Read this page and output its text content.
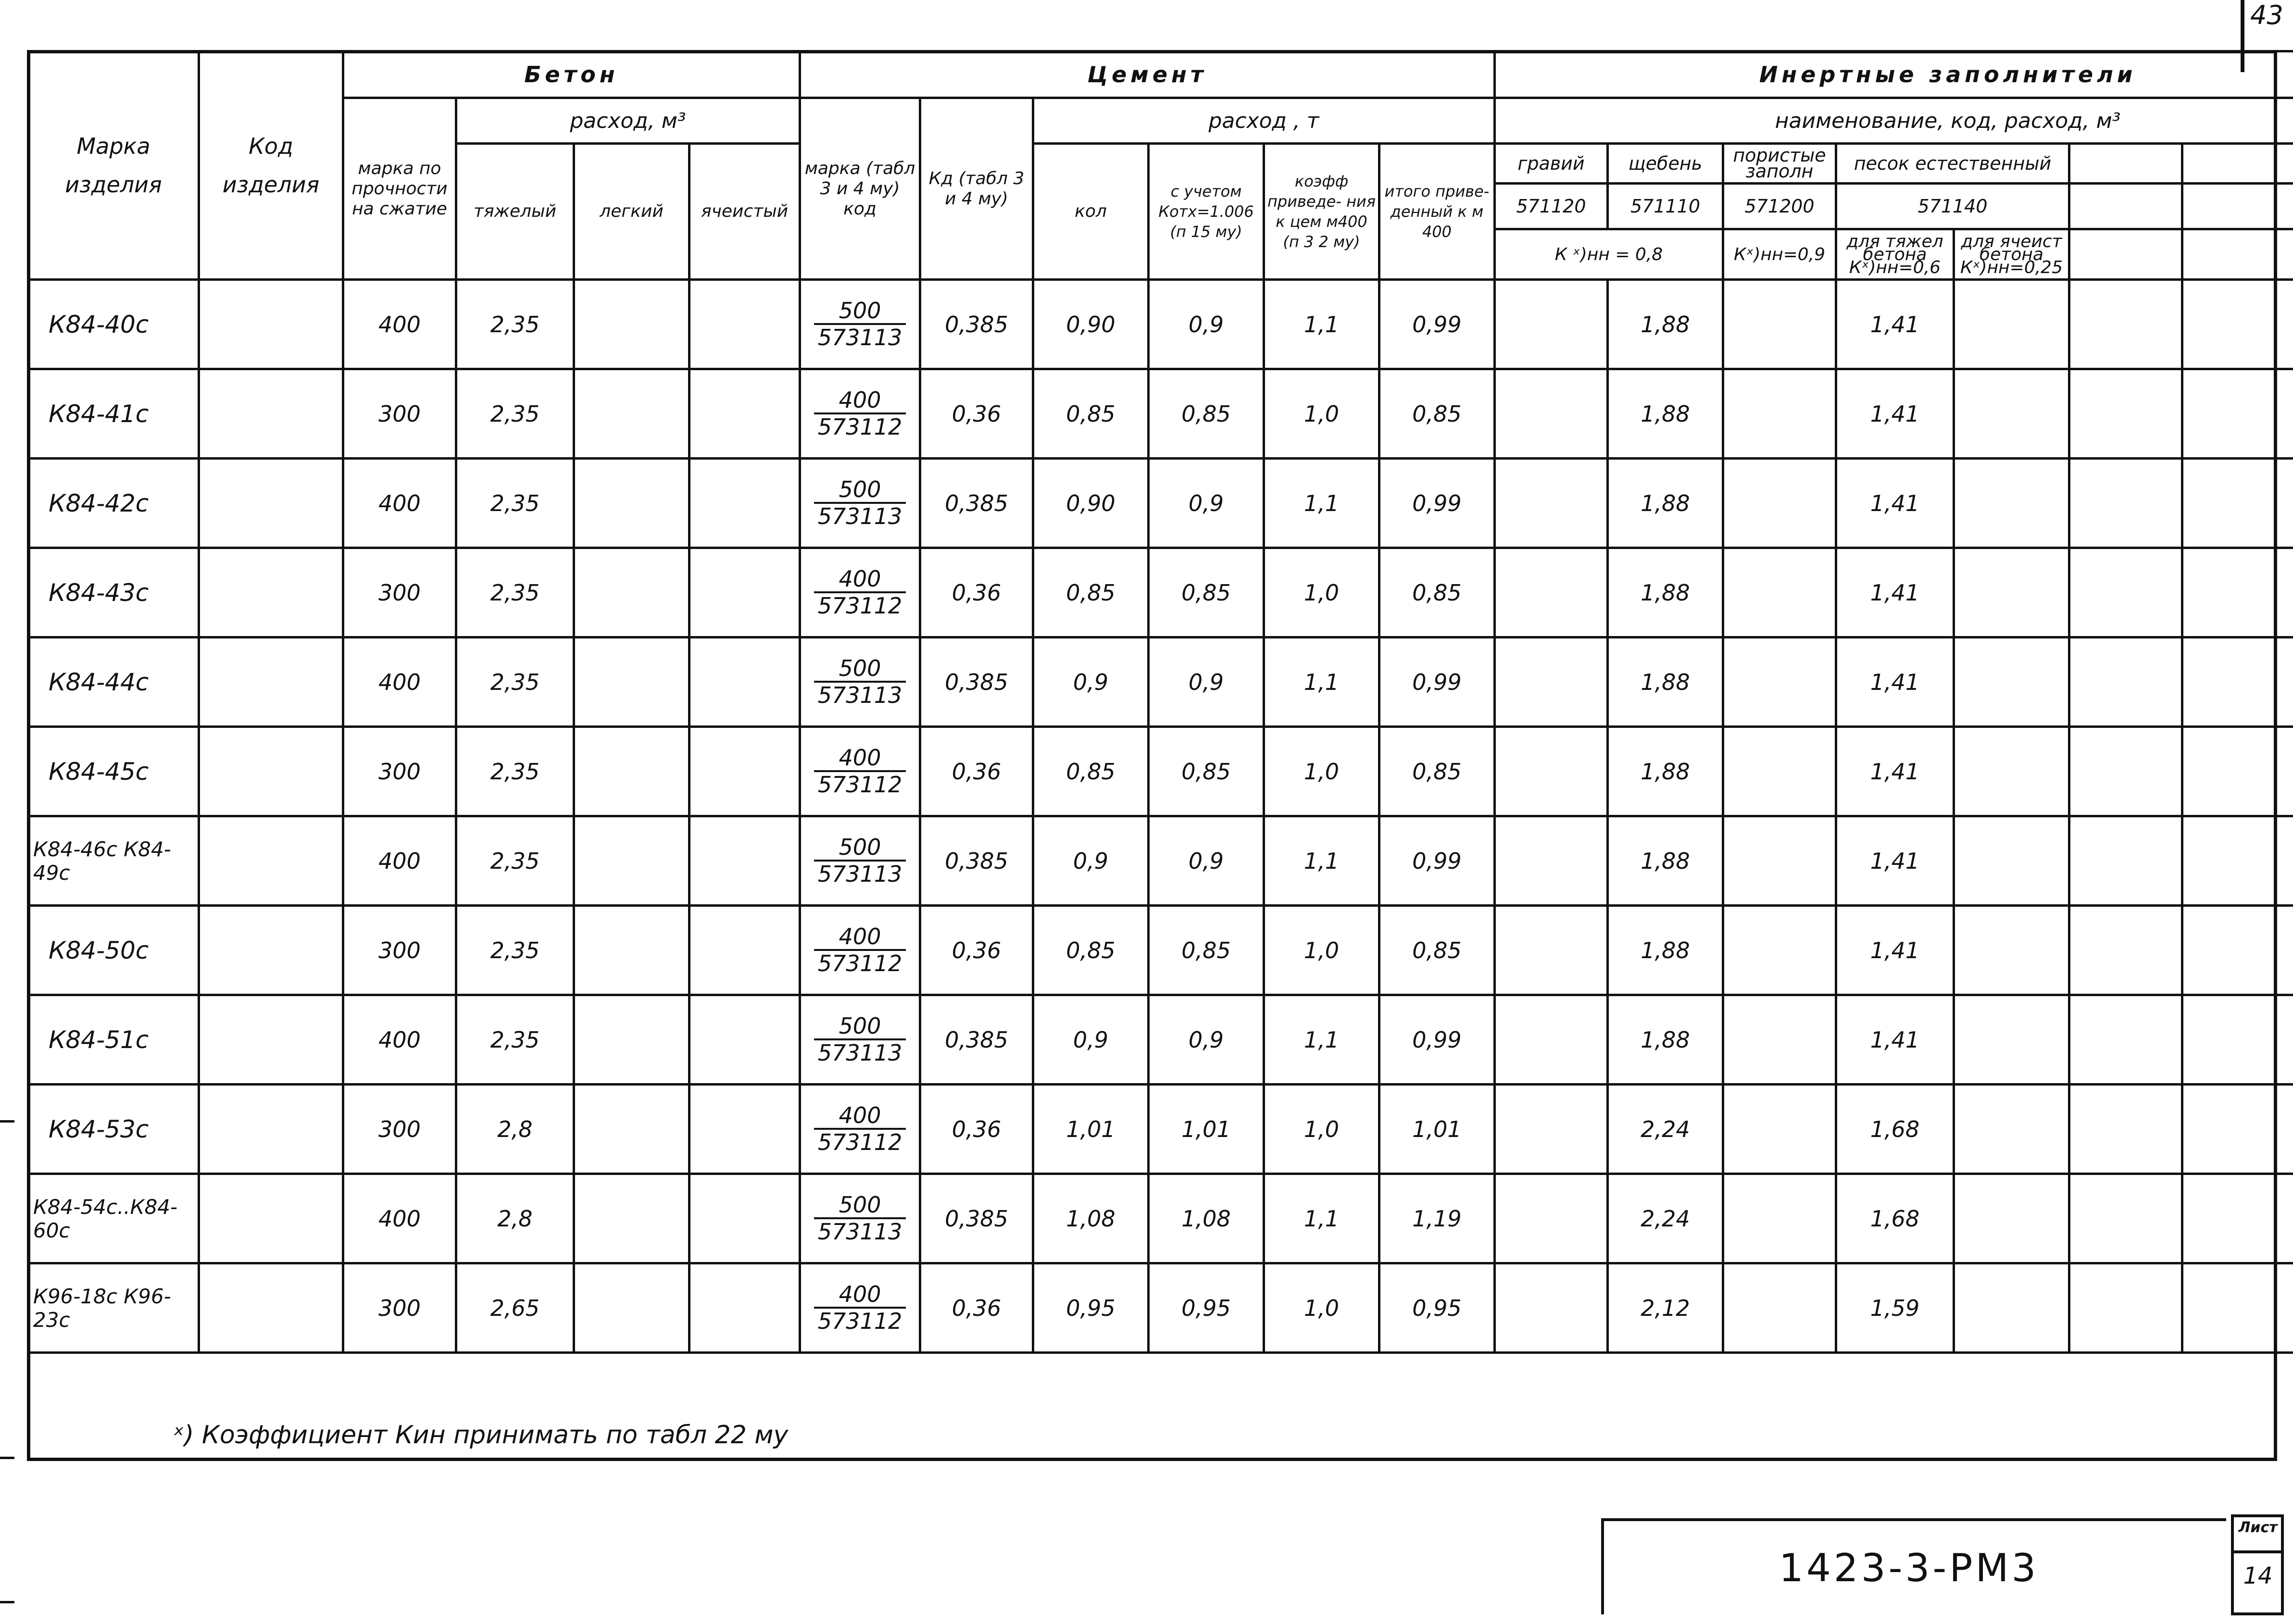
43
Марка изделия	Код изделия	Бетон				Цемент						Инертные заполнители							
		марка по прочности на сжатие	расход, м³			марка (табл 3 и 4 му) код	Кд (табл 3 и 4 му)	расход , т				наименование, код, расход, м³							
			тяжелый	легкий	ячеистый			кол	с учетом Котх=1.006 (п 15 му)	коэфф приведе- ния к цем м400 (п 3 2 му)	итого приве- денный к м 400	гравий	щебень	пористые заполн	песок естественный				
												571120	571110	571200	571140				
												К ˣ)нн = 0,8		Кˣ)нн=0,9	для тяжел бетона Кˣ)нн=0,6	для ячеист бетона Кˣ)нн=0,25			
К84-40с		400	2,35			$\frac{500}{573113}$	0,385	0,90	0,9	1,1	0,99		1,88		1,41				
К84-41с		300	2,35			$\frac{400}{573112}$	0,36	0,85	0,85	1,0	0,85		1,88		1,41				
К84-42с		400	2,35			$\frac{500}{573113}$	0,385	0,90	0,9	1,1	0,99		1,88		1,41				
К84-43с		300	2,35			$\frac{400}{573112}$	0,36	0,85	0,85	1,0	0,85		1,88		1,41				
К84-44с		400	2,35			$\frac{500}{573113}$	0,385	0,9	0,9	1,1	0,99		1,88		1,41				
К84-45с		300	2,35			$\frac{400}{573112}$	0,36	0,85	0,85	1,0	0,85		1,88		1,41				
К84-46с К84-49с		400	2,35			$\frac{500}{573113}$	0,385	0,9	0,9	1,1	0,99		1,88		1,41				
К84-50с		300	2,35			$\frac{400}{573112}$	0,36	0,85	0,85	1,0	0,85		1,88		1,41				
К84-51с		400	2,35			$\frac{500}{573113}$	0,385	0,9	0,9	1,1	0,99		1,88		1,41				
К84-53с		300	2,8			$\frac{400}{573112}$	0,36	1,01	1,01	1,0	1,01		2,24		1,68				
К84-54с..К84-60с		400	2,8			$\frac{500}{573113}$	0,385	1,08	1,08	1,1	1,19		2,24		1,68				
К96-18с К96-23с		300	2,65			$\frac{400}{573112}$	0,36	0,95	0,95	1,0	0,95		2,12		1,59				
ˣ) Коэффициент Кин принимать по табл 22 му
1423-3-РМ3
Лист
14
